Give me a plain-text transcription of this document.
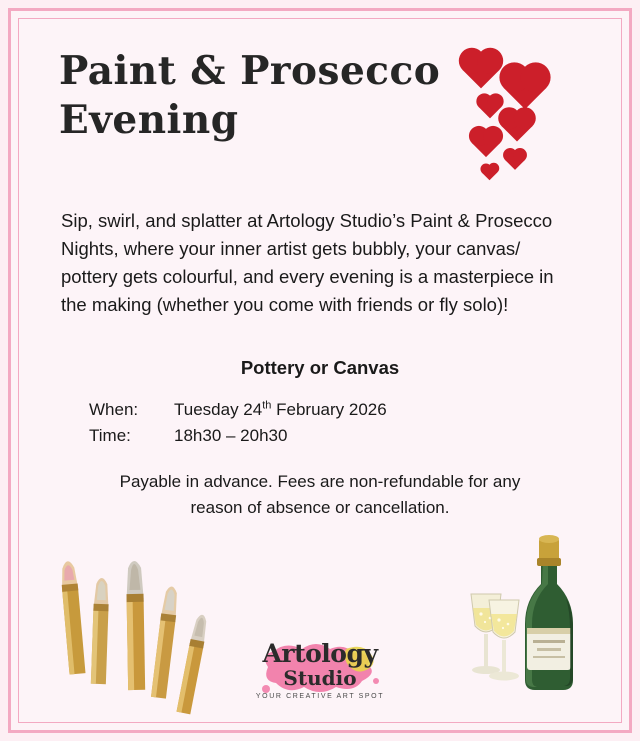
Paint & Prosecco
Evening
Sip, swirl, and splatter at Artology Studio’s Paint & Prosecco Nights, where your inner artist gets bubbly, your canvas/ pottery gets colourful, and every evening is a masterpiece in the making (whether you come with friends or fly solo)!
Pottery or Canvas
When:	Tuesday 24th February 2026
Time:	18h30 – 20h30
Payable in advance. Fees are non-refundable for any
reason of absence or cancellation.
Artology
Studio
YOUR CREATIVE ART SPOT
